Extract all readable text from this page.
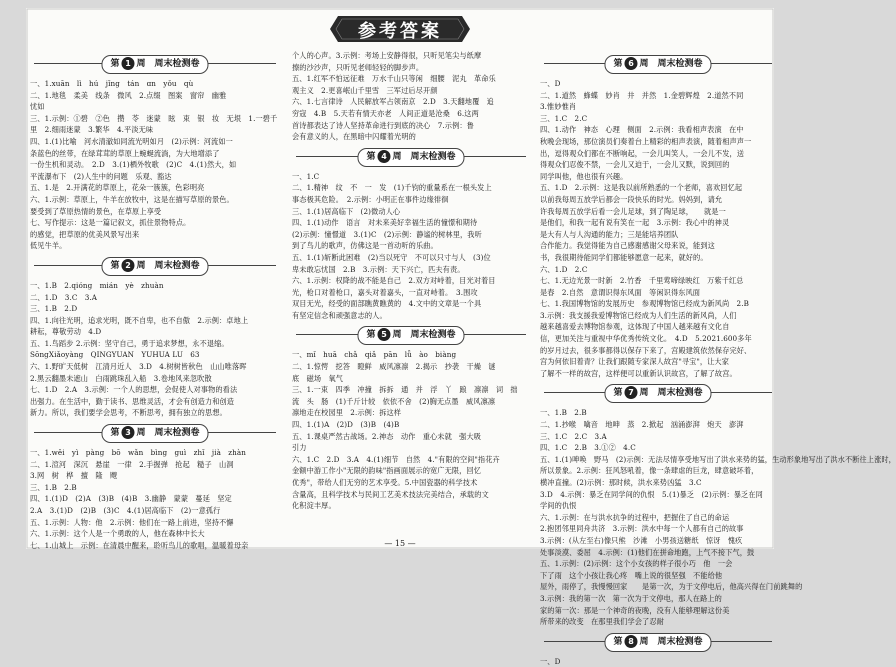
参考答案
第 1 周　周末检测卷
一、1.xuān　lì　hú　jǐng　tán　ɑn　yǒu　qù
二、1.地毯　柔美　线条　微风　2.点缀　图案　窗帘　幽雅
忧如
三、1.示例：①碧　②色　攒　苓　迷蒙　眩　束　银　妆　无垠　1.一碧千
里　2.细雨迷蒙　3.繁华　4.平淡无味
四、1.(1)比喻　河水清澈如同流光明如月　(2)示例：河流如一
条蓝色的丝带，在绿茸茸的草原上蜿蜒流淌，为大地增添了
一份生机和灵动。　2.D　3.(1)栖外牧歌　(2)C　4.(1)然大，如
平流瀑布下　(2)人生中的问题　乐观、豁达
五、1.是　2.开满花的草原上，花朵一簇簇，色彩明亮
六、1.示例：草原上，牛羊在放牧中，这是在描写草原的景色。
要受到了草原热情的景色，在草原上享受
七、写作提示：这是一篇记叙文，抓住景物特点。
的感觉，把草原的优美风景写出来
低见牛羊。
第 2 周　周末检测卷
一、1.B　2.qióng　mián　yè　zhuàn
二、1.D　3.C　3.A
三、1.B　2.D
四、1.向往光明，追求光明，既不自卑，也不自傲　2.示例：卓地上
耕耘，尊敬劳动　4.D
五、1.鸟蹈步 2.示例：坚守自己，勇于追求梦想，永不退缩。
SōngXiǎoyàng　QINGYUAN　YUHUA LU　63
六、1.野旷天低树　江清月近人　3.D　4.树树皆秋色　山山唯落晖
2.黑云翻墨未遮山　白雨跳珠乱入船　3.卷地风来忽吹散
七、1.D　2.A　3.示例：一个人的思想，会促使人对事物的看法
出强力。在生活中，勤于读书、思维灵活，才会有创造力和创造
新力。所以，我们要学会思考，不断思考，拥有独立的思想。
第 3 周　周末检测卷
一、1.wěi　yì　pàng　bō　wǎn　bìng　guì　zhǐ　jià　zhàn
二、1.渲河　深沉　悬崖　一律　2.手握弹　抢起　糙子　山洞
3.网　树　桦　擅　隆　飕
三、1.B　2.B
四、1.(1)D　(2)A　(3)B　(4)B　3.幽静　蒙蒙　蔓延　坚定
2.A　3.(1)D　(2)B　(3)C　4.(1)居高临下　(2)一意孤行
五、1.示例：人物：他　2.示例：他们在一路上前进，坚持不懈
六、1.示例：这个人是一个勇敢的人，他在森林中长大
七、1.山城上　示例：在清晨中醒来，聆听鸟儿的歌唱，温暖着母亲
个人的心声。3.示例：考场上安静得很，只听见笔尖与纸摩
擦的沙沙声，只听见老师轻轻的脚步声。
五、1.红军不怕远征难　万水千山只等闲　细腰　泥丸　革命乐
观主义　2.更喜岷山千里雪　三军过后尽开颜
六、1.七言律诗　人民解放军占领南京　2.D　3.天翻地覆　追
穷寇　4.B　5.天若有情天亦老　人间正道是沧桑　6.这两
首诗都表达了诗人坚持革命进行到底的决心　7.示例：鲁
会有意义的人，在黑暗中闪耀着光明的
第 4 周　周末检测卷
一、1.C
二、1.精神　纹　不　一　发　(1)千钧的重量系在一根头发上
事态极其危险。　2.示例：小明正在事件边缘徘徊
三、1.(1)居高临下　(2)微动人心
四、1.(1)动作　语言　对未来美好幸福生活的憧憬和期待
(2)示例：憧憬道　3.(1)C　(2)示例：静谧的树林里，我听
到了鸟儿的歌声，仿佛这是一首动听的乐曲。
五、1.(1)斩断此困难　(2)当以死守　不可以只寸与人　(3)位
卑未敢忘忧国　2.B　3.示例：天下兴亡，匹夫有责。
六、1.示例：权降的战不能是自己　2.双方对峙着，目光对着目
光，枪口对着枪口，嘉头对着嘉头，一直对峙着。　3.围攻
双目无光，经受的面部瞧黄瞧黄的　4.文中的文章是一个具
有坚定信念和顽强意志的人。
第 5 周　周末检测卷
一、mǐ　huā　chǎ　qiǎ　pān　lǚ　ào　biàng
二、1.惊愕　挖答　瞪鲜　威风凛凛　2.揭示　抄袭　干燥　谜
底　磁场　氧气
三、1.一束　四季　冲撞　拆拆　通　并　浮　丫　踉　凛凛　词　拙
流　头　肠　(1)千斤计较　依依不舍　(2)胸无点墨　威风凛凛
凛地走在校园里　2.示例：拆这样　
四、1.(1)A　(2)D　(3)B　(4)B
五、1.课桌严然古战场。2.神态　动作　重心未就　强大吸
引力
六、1.C　2.D　3.A　4.(1)细节　自然　4."有限的空间"指花卉
金额中游工作小"无限的韵味"指画面展示的宽广无限，回忆
优秀"，带给人们无穷的艺术享受。5.中国瓷器的科学技术
含量高，且科学技术与民间工艺美术技法完美结合，承载的文
化积淀丰厚。
第 6 周　周末检测卷
一、D
二、1.道然　蜂蝶　妙肖　井　并然　1.金碧辉煌　2.道然不同
3.惟妙惟肖
三、1.C　2.C
四、1.动作　神态　心理　侧面　2.示例：我看相声表演　在中
秋晚会现场，那位演员们奏着台上精彩的相声表演，随着相声声一
出，逗得观众们都在不断响起，一会儿叫笑人，一会儿不发，送
得观众们忍俊不禁，一会儿又迫于，一会儿又默，说到回的
同学叫他，他也很有兴趣。
五、1.D　2.示例：这是我以前所熟悉的一个老师，喜欢回忆起
以前我每周五放学后都会一段快乐的时光。妈妈到，请允
许我每周五放学后看一会儿足球，到了陶足球，　　就是一
是他们，和我一起有说有笑在一起　3.示例：我心中的神灵
是大有人与人沟通的能力；三是能培养团队
合作能力。我觉得能为自己感谢感谢父母来说，能到这
书，我很期待能同学们都能够愿意一起来，就好的。
六、1.D　2.C
七、1.无边光景一时新　2.竹香　千里莺啼绿映红　万紫千红总
是春　2.自然　意谓识得东风面　等闲识得东风面
七、1.我国博物馆的发展历史　参观博物馆已经成为新风尚　2.B
3.示例：我支援我爱博物馆已经成为人们生活的新风尚，人们
越来越喜爱去博物馆参观，这体现了中国人越来越有文化自
信，更加关注与重视中华优秀传统文化。　4.D　5.2021.600多年
的岁月过去，很多事都得以保存下来了，宫殿建筑依然保存完好、
宫为何依旧着青？让我们跟随专家深人故宫"寻宝"，让大家
了解不一样的故宫，这样便可以重新认识故宫，了解了故宫。
第 7 周　周末检测卷
一、1.B　2.B
二、1.抄喉　噙音　地呻　蒸　2.掀起　汹涌澎湃　炮天　澎湃
三、1.C　2.C　3.A
四、1.C　2.B　3.①②　4.C
五、1.(1)呻唤　野马　(2)示例：无法尽情享受地写出了洪水来势的猛，生动形象地写出了洪水不断往上涨时，
所以景象。2.示例：狂风怒吼着，像一条肆虐的巨龙，肆意破坏着，
横冲直撞。(2)示例：那时候，洪水来势凶猛　3.C
3.D　4.示例：暴乏在同学间的仇恨　5.(1)暴乏　(2)示例：暴乏在同
学间的仇恨
六、1.示例：在与洪水抗争的过程中，把握住了自己的命运
2.抱团邻里同舟共济　3.示例：洪水中每一个人都有自己的故事
3.示例：(从左至右)像只熊　沙滩　小男孩送糖纸　惊讶　愧疚
处事淡漠、委屈　4.示例：(1)他们在拼命地跑，上气不接下气，鼓
五、1.示例：(2)示例：这个小女孩的样子很小巧　他　一会
下了雨　这个小孩让我心疼　嘴上说的很坚强　不能给他
屋外，雨停了，我慢慢回家　　是第一次，为于文停电后，他高兴得在门前跳舞的
3.示例：我的第一次　第一次为于文停电，那人在路上的
家的第一次：那是一个神奇的夜晚，没有人能够理解这份美
所带来的改变　在那里我们学会了忍耐
第 8 周　周末检测卷
一、D
— 15 —
